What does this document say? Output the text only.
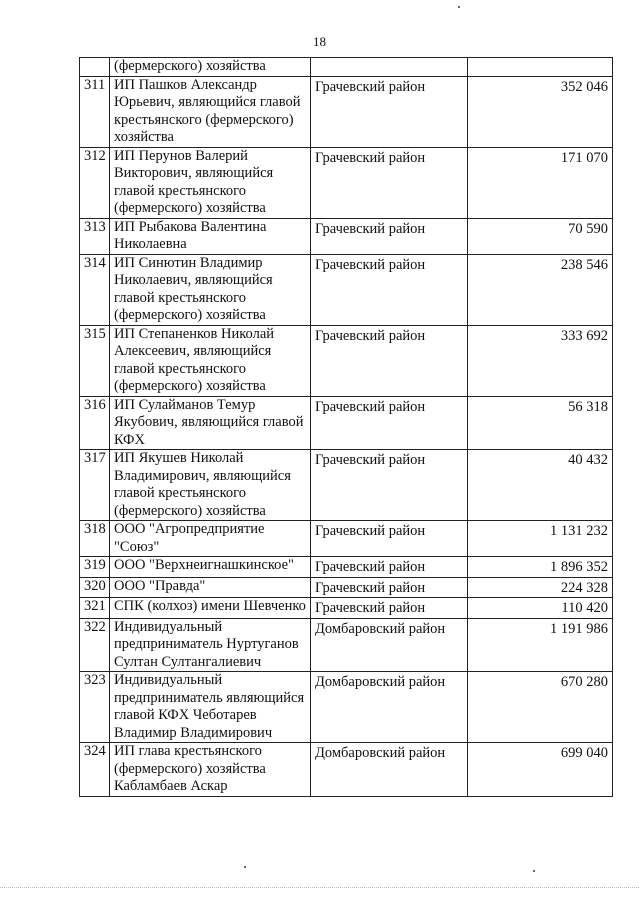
18
	(фермерского) хозяйства		
311	ИП Пашков Александр Юрьевич, являющийся главой крестьянского (фермерского) хозяйства	Грачевский район	352 046

312	ИП Перунов Валерий Викторович, являющийся главой крестьянского (фермерского) хозяйства	Грачевский район	171 070

313	ИП Рыбакова Валентина Николаевна	Грачевский район	70 590

314	ИП Синютин Владимир Николаевич, являющийся главой крестьянского (фермерского) хозяйства	Грачевский район	238 546

315	ИП Степаненков Николай Алексеевич, являющийся главой крестьянского (фермерского) хозяйства	Грачевский район	333 692

316	ИП Сулайманов Темур Якубович, являющийся главой КФХ	Грачевский район	56 318

317	ИП Якушев Николай Владимирович, являющийся главой крестьянского (фермерского) хозяйства	Грачевский район	40 432

318	ООО "Агропредприятие "Союз"	Грачевский район	1 131 232

319	ООО "Верхнеигнашкинское"	Грачевский район	1 896 352

320	ООО "Правда"	Грачевский район	224 328

321	СПК (колхоз) имени Шевченко	Грачевский район	110 420

322	Индивидуальный предприниматель Нуртуганов Султан Султангалиевич	Домбаровский район	1 191 986

323	Индивидуальный предприниматель являющийся главой КФХ Чеботарев Владимир Владимирович	Домбаровский район	670 280

324	ИП глава крестьянского (фермерского) хозяйства Кабламбаев Аскар	Домбаровский район	699 040
